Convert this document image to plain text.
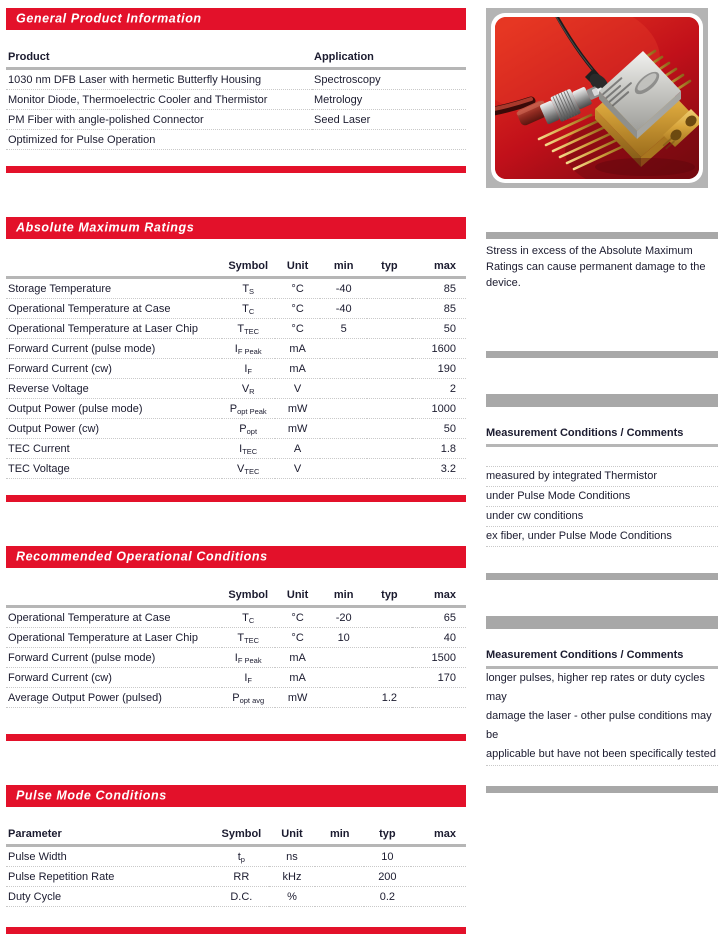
General Product Information
Product	Application
1030 nm DFB Laser with hermetic Butterfly Housing	Spectroscopy
Monitor Diode, Thermoelectric Cooler and Thermistor	Metrology
PM Fiber with angle-polished Connector	Seed Laser
Optimized for Pulse Operation	
Absolute Maximum Ratings
	Symbol	Unit	min	typ	max
Storage Temperature	$T_S$	°C	-40		85
Operational Temperature at Case	$T_C$	°C	-40		85
Operational Temperature at Laser Chip	$T_{TEC}$	°C	5		50
Forward Current (pulse mode)	$I_{F Peak}$	mA			1600
Forward Current (cw)	$I_F$	mA			190
Reverse Voltage	$V_R$	V			2
Output Power (pulse mode)	$P_{opt Peak}$	mW			1000
Output Power (cw)	$P_{opt}$	mW			50
TEC Current	$I_{TEC}$	A			1.8
TEC Voltage	$V_{TEC}$	V			3.2
Recommended Operational Conditions
	Symbol	Unit	min	typ	max
Operational Temperature at Case	$T_C$	°C	-20		65
Operational Temperature at Laser Chip	$T_{TEC}$	°C	10		40
Forward Current (pulse mode)	$I_{F Peak}$	mA			1500
Forward Current (cw)	$I_F$	mA			170
Average Output Power (pulsed)	$P_{opt avg}$	mW		1.2	
Pulse Mode Conditions
Parameter	Symbol	Unit	min	typ	max
Pulse Width	$t_p$	ns		10	
Pulse Repetition Rate	RR	kHz		200	
Duty Cycle	D.C.	%		0.2	
Stress in excess of the Absolute Maximum Ratings can cause permanent damage to the device.
Measurement Conditions / Comments

measured by integrated Thermistor
under Pulse Mode Conditions
under cw conditions
ex fiber, under Pulse Mode Conditions
Measurement Conditions / Comments
longer pulses, higher rep rates or duty cycles may
damage the laser - other pulse conditions may be
applicable but have not been specifically tested
